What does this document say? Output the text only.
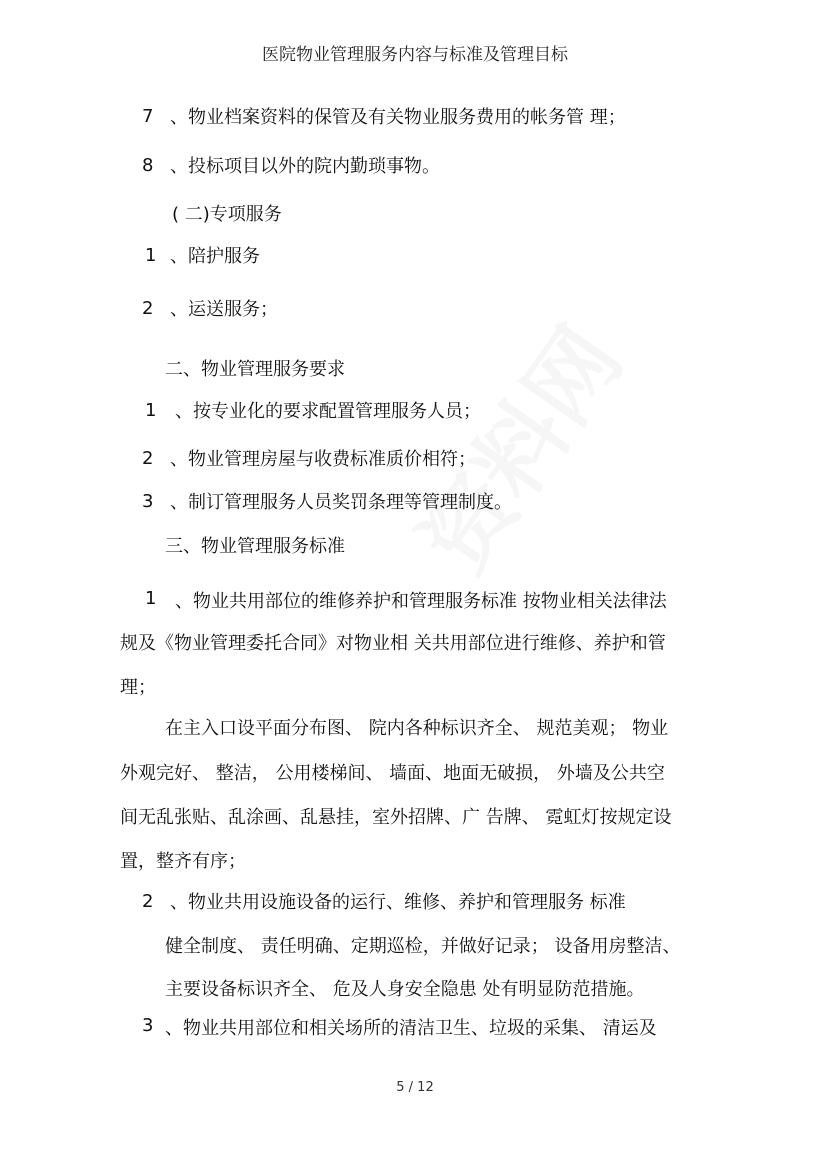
医院物业管理服务内容与标准及管理目标
7 、物业档案资料的保管及有关物业服务费用的帐务管 理；
8 、投标项目以外的院内勤琐事物。
( 二)专项服务
1 、陪护服务
2 、运送服务；
二、物业管理服务要求
1 、按专业化的要求配置管理服务人员；
2 、物业管理房屋与收费标准质价相符；
3 、制订管理服务人员奖罚条理等管理制度。
三、物业管理服务标准
1 、物业共用部位的维修养护和管理服务标准 按物业相关法律法
规及《物业管理委托合同》对物业相 关共用部位进行维修、养护和管
理；
在主入口设平面分布图、 院内各种标识齐全、 规范美观； 物业
外观完好、 整洁， 公用楼梯间、 墙面、地面无破损， 外墙及公共空
间无乱张贴、乱涂画、乱悬挂，室外招牌、广 告牌、 霓虹灯按规定设
置，整齐有序；
2 、物业共用设施设备的运行、维修、养护和管理服务 标准
健全制度、 责任明确、定期巡检，并做好记录； 设备用房整洁、
主要设备标识齐全、 危及人身安全隐患 处有明显防范措施。
3 、物业共用部位和相关场所的清洁卫生、垃圾的采集、 清运及
5 / 12
